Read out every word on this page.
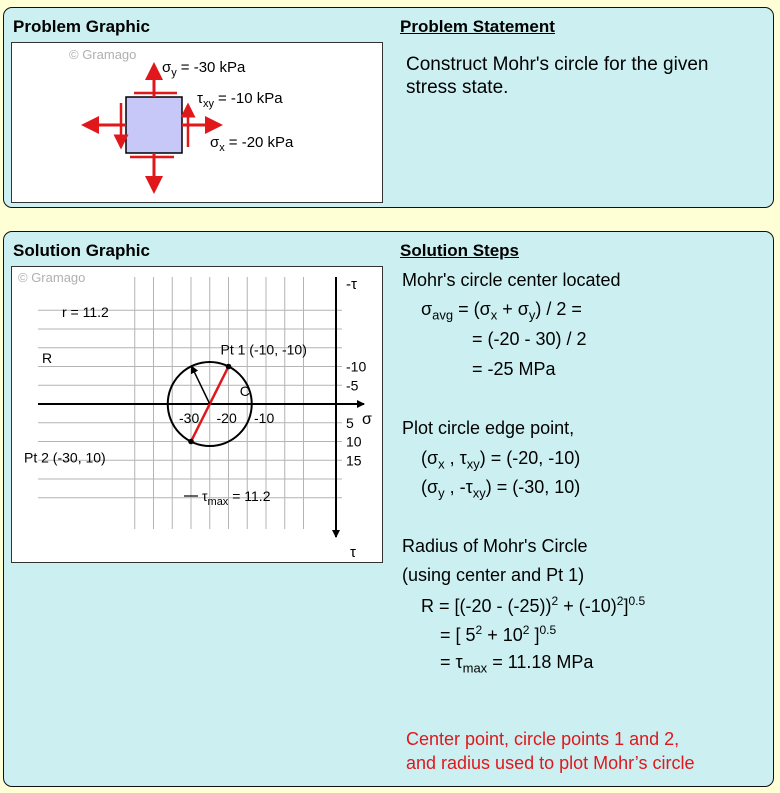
Problem Graphic	Problem Statement
© Gramago
$\sigma_y = -30$ kPa
$\tau_{xy} = -10$ kPa
$\sigma_x = -20$ kPa

Construct Mohr's circle for the given stress state.

Solution Graphic	Solution Steps
© Gramago
σ
-τ
τ
-30 -20 -10
-10
-5
5
10
15
Pt 1 (-10, -10)
Pt 2 (-30, 10)
C
r = 11.2
R
$\tau_{max} = 11.2$

Mohr's circle center located

$\sigma_{avg} = (\sigma_x + \sigma_y) / 2$ =

= (-20 - 30) / 2

= -25 MPa

Plot circle edge point,

($\sigma_x$ , $\tau_{xy}) = (-20$, -10)

($\sigma_y$ , $-\tau_{xy}) = (-30$, 10)

Radius of Mohr's Circle

(using center and Pt 1)

$R = [(-20 - (-25))^2 + (-10)^2]^{0.5}$

= [ $5^2 + 10^2$ ]$^{0.5}$

= $\tau_{max} = 11.18$ MPa

Center point, circle points 1 and 2,

and radius used to plot Mohr’s circle
